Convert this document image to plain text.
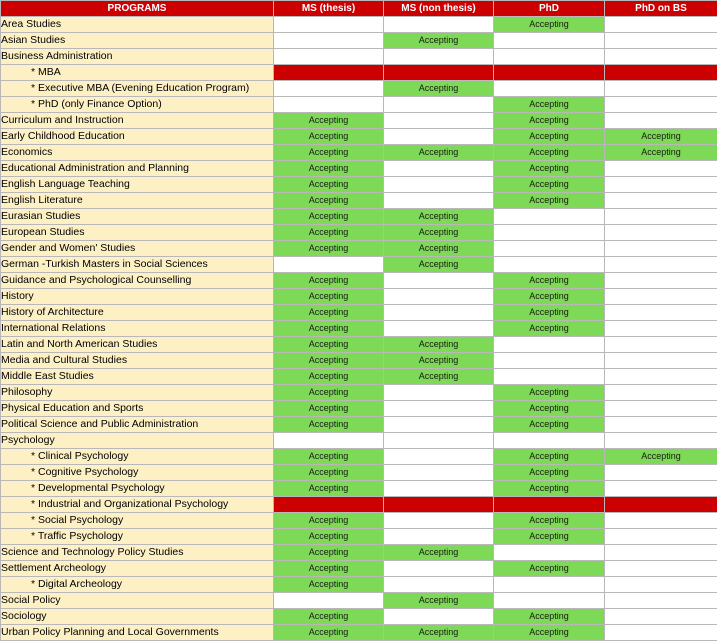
PROGRAMS	MS (thesis)	MS (non thesis)	PhD	PhD on BS
Area Studies			Accepting	
Asian Studies		Accepting		
Business Administration				
* MBA				
* Executive MBA (Evening Education Program)		Accepting		
* PhD (only Finance Option)			Accepting	
Curriculum and Instruction	Accepting		Accepting	
Early Childhood Education	Accepting		Accepting	Accepting
Economics	Accepting	Accepting	Accepting	Accepting
Educational Administration and Planning	Accepting		Accepting	
English Language Teaching	Accepting		Accepting	
English Literature	Accepting		Accepting	
Eurasian Studies	Accepting	Accepting		
European Studies	Accepting	Accepting		
Gender and Women' Studies	Accepting	Accepting		
German -Turkish Masters in Social Sciences		Accepting		
Guidance and Psychological Counselling	Accepting		Accepting	
History	Accepting		Accepting	
History of Architecture	Accepting		Accepting	
International Relations	Accepting		Accepting	
Latin and North American Studies	Accepting	Accepting		
Media and Cultural Studies	Accepting	Accepting		
Middle East Studies	Accepting	Accepting		
Philosophy	Accepting		Accepting	
Physical Education and Sports	Accepting		Accepting	
Political Science and Public Administration	Accepting		Accepting	
Psychology				
* Clinical Psychology	Accepting		Accepting	Accepting
* Cognitive Psychology	Accepting		Accepting	
* Developmental Psychology	Accepting		Accepting	
* Industrial and Organizational Psychology				
* Social Psychology	Accepting		Accepting	
* Traffic Psychology	Accepting		Accepting	
Science and Technology Policy Studies	Accepting	Accepting		
Settlement Archeology	Accepting		Accepting	
* Digital Archeology	Accepting			
Social Policy		Accepting		
Sociology	Accepting		Accepting	
Urban Policy Planning and Local Governments	Accepting	Accepting	Accepting	
